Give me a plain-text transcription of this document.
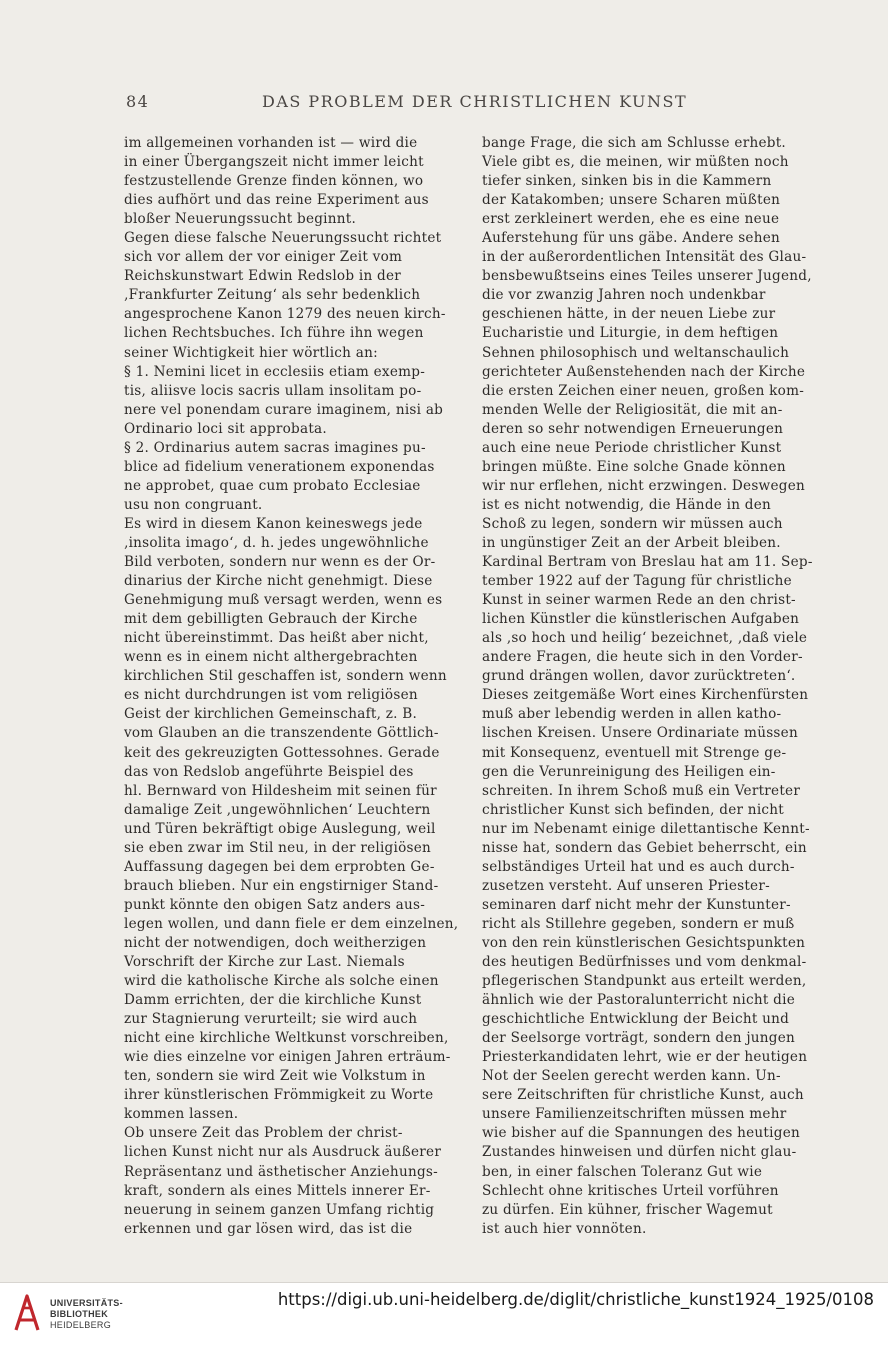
84	DAS PROBLEM DER CHRISTLICHEN KUNST
im allgemeinen vorhanden ist — wird die
in einer Übergangszeit nicht immer leicht
festzustellende Grenze finden können, wo
dies aufhört und das reine Experiment aus
bloßer Neuerungssucht beginnt.
Gegen diese falsche Neuerungssucht richtet
sich vor allem der vor einiger Zeit vom
Reichskunstwart Edwin Redslob in der
‚Frankfurter Zeitung‘ als sehr bedenklich
angesprochene Kanon 1279 des neuen kirch-
lichen Rechtsbuches. Ich führe ihn wegen
seiner Wichtigkeit hier wörtlich an:
§ 1. Nemini licet in ecclesiis etiam exemp-
tis, aliisve locis sacris ullam insolitam po-
nere vel ponendam curare imaginem, nisi ab
Ordinario loci sit approbata.
§ 2. Ordinarius autem sacras imagines pu-
blice ad fidelium venerationem exponendas
ne approbet, quae cum probato Ecclesiae
usu non congruant.
Es wird in diesem Kanon keineswegs jede
‚insolita imago‘, d. h. jedes ungewöhnliche
Bild verboten, sondern nur wenn es der Or-
dinarius der Kirche nicht genehmigt. Diese
Genehmigung muß versagt werden, wenn es
mit dem gebilligten Gebrauch der Kirche
nicht übereinstimmt. Das heißt aber nicht,
wenn es in einem nicht althergebrachten
kirchlichen Stil geschaffen ist, sondern wenn
es nicht durchdrungen ist vom religiösen
Geist der kirchlichen Gemeinschaft, z. B.
vom Glauben an die transzendente Göttlich-
keit des gekreuzigten Gottessohnes. Gerade
das von Redslob angeführte Beispiel des
hl. Bernward von Hildesheim mit seinen für
damalige Zeit ‚ungewöhnlichen‘ Leuchtern
und Türen bekräftigt obige Auslegung, weil
sie eben zwar im Stil neu, in der religiösen
Auffassung dagegen bei dem erprobten Ge-
brauch blieben. Nur ein engstirniger Stand-
punkt könnte den obigen Satz anders aus-
legen wollen, und dann fiele er dem einzelnen,
nicht der notwendigen, doch weitherzigen
Vorschrift der Kirche zur Last. Niemals
wird die katholische Kirche als solche einen
Damm errichten, der die kirchliche Kunst
zur Stagnierung verurteilt; sie wird auch
nicht eine kirchliche Weltkunst vorschreiben,
wie dies einzelne vor einigen Jahren erträum-
ten, sondern sie wird Zeit wie Volkstum in
ihrer künstlerischen Frömmigkeit zu Worte
kommen lassen.
Ob unsere Zeit das Problem der christ-
lichen Kunst nicht nur als Ausdruck äußerer
Repräsentanz und ästhetischer Anziehungs-
kraft, sondern als eines Mittels innerer Er-
neuerung in seinem ganzen Umfang richtig
erkennen und gar lösen wird, das ist die
bange Frage, die sich am Schlusse erhebt.
Viele gibt es, die meinen, wir müßten noch
tiefer sinken, sinken bis in die Kammern
der Katakomben; unsere Scharen müßten
erst zerkleinert werden, ehe es eine neue
Auferstehung für uns gäbe. Andere sehen
in der außerordentlichen Intensität des Glau-
bensbewußtseins eines Teiles unserer Jugend,
die vor zwanzig Jahren noch undenkbar
geschienen hätte, in der neuen Liebe zur
Eucharistie und Liturgie, in dem heftigen
Sehnen philosophisch und weltanschaulich
gerichteter Außenstehenden nach der Kirche
die ersten Zeichen einer neuen, großen kom-
menden Welle der Religiosität, die mit an-
deren so sehr notwendigen Erneuerungen
auch eine neue Periode christlicher Kunst
bringen müßte. Eine solche Gnade können
wir nur erflehen, nicht erzwingen. Deswegen
ist es nicht notwendig, die Hände in den
Schoß zu legen, sondern wir müssen auch
in ungünstiger Zeit an der Arbeit bleiben.
Kardinal Bertram von Breslau hat am 11. Sep-
tember 1922 auf der Tagung für christliche
Kunst in seiner warmen Rede an den christ-
lichen Künstler die künstlerischen Aufgaben
als ‚so hoch und heilig‘ bezeichnet, ‚daß viele
andere Fragen, die heute sich in den Vorder-
grund drängen wollen, davor zurücktreten‘.
Dieses zeitgemäße Wort eines Kirchenfürsten
muß aber lebendig werden in allen katho-
lischen Kreisen. Unsere Ordinariate müssen
mit Konsequenz, eventuell mit Strenge ge-
gen die Verunreinigung des Heiligen ein-
schreiten. In ihrem Schoß muß ein Vertreter
christlicher Kunst sich befinden, der nicht
nur im Nebenamt einige dilettantische Kennt-
nisse hat, sondern das Gebiet beherrscht, ein
selbständiges Urteil hat und es auch durch-
zusetzen versteht. Auf unseren Priester-
seminaren darf nicht mehr der Kunstunter-
richt als Stillehre gegeben, sondern er muß
von den rein künstlerischen Gesichtspunkten
des heutigen Bedürfnisses und vom denkmal-
pflegerischen Standpunkt aus erteilt werden,
ähnlich wie der Pastoralunterricht nicht die
geschichtliche Entwicklung der Beicht und
der Seelsorge vorträgt, sondern den jungen
Priesterkandidaten lehrt, wie er der heutigen
Not der Seelen gerecht werden kann. Un-
sere Zeitschriften für christliche Kunst, auch
unsere Familienzeitschriften müssen mehr
wie bisher auf die Spannungen des heutigen
Zustandes hinweisen und dürfen nicht glau-
ben, in einer falschen Toleranz Gut wie
Schlecht ohne kritisches Urteil vorführen
zu dürfen. Ein kühner, frischer Wagemut
ist auch hier vonnöten.
UNIVERSITÄTS-
BIBLIOTHEK
HEIDELBERG
https://digi.ub.uni-heidelberg.de/diglit/christliche_kunst1924_1925/0108
